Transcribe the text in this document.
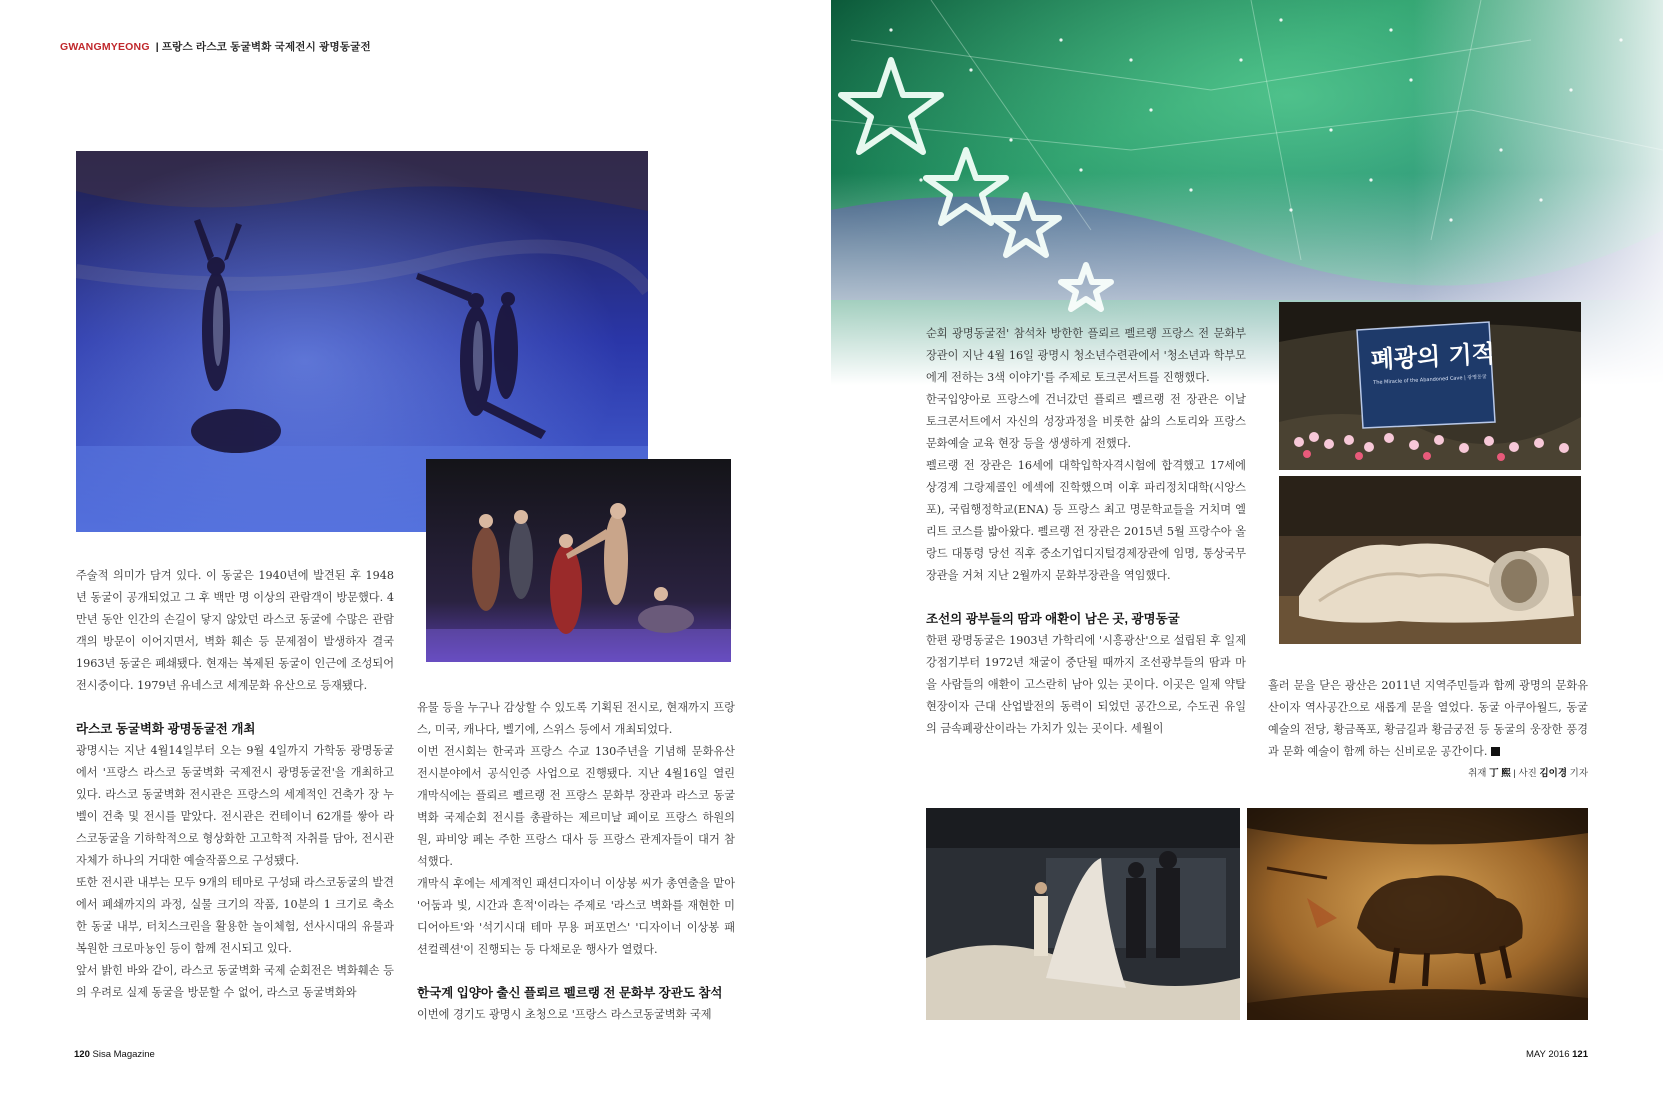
GWANGMYEONG | 프랑스 라스코 동굴벽화 국제전시 광명동굴전
폐광의 기적
The Miracle of the Abandoned Cave | 광명동굴

주술적 의미가 담겨 있다. 이 동굴은 1940년에 발견된 후 1948년 동굴이 공개되었고 그 후 백만 명 이상의 관람객이 방문했다. 4만년 동안 인간의 손길이 닿지 않았던 라스코 동굴에 수많은 관람객의 방문이 이어지면서, 벽화 훼손 등 문제점이 발생하자 결국 1963년 동굴은 폐쇄됐다. 현재는 복제된 동굴이 인근에 조성되어 전시중이다. 1979년 유네스코 세계문화 유산으로 등재됐다.

라스코 동굴벽화 광명동굴전 개최

광명시는 지난 4월14일부터 오는 9월 4일까지 가학동 광명동굴에서 '프랑스 라스코 동굴벽화 국제전시 광명동굴전'을 개최하고 있다. 라스코 동굴벽화 전시관은 프랑스의 세계적인 건축가 장 누벨이 건축 및 전시를 맡았다. 전시관은 컨테이너 62개를 쌓아 라스코동굴을 기하학적으로 형상화한 고고학적 자취를 담아, 전시관 자체가 하나의 거대한 예술작품으로 구성됐다.

또한 전시관 내부는 모두 9개의 테마로 구성돼 라스코동굴의 발견에서 폐쇄까지의 과정, 실물 크기의 작품, 10분의 1 크기로 축소한 동굴 내부, 터치스크린을 활용한 놀이체험, 선사시대의 유물과 복원한 크로마뇽인 등이 함께 전시되고 있다.

앞서 밝힌 바와 같이, 라스코 동굴벽화 국제 순회전은 벽화훼손 등의 우려로 실제 동굴을 방문할 수 없어, 라스코 동굴벽화와

유물 등을 누구나 감상할 수 있도록 기획된 전시로, 현재까지 프랑스, 미국, 캐나다, 벨기에, 스위스 등에서 개최되었다.

이번 전시회는 한국과 프랑스 수교 130주년을 기념해 문화유산 전시분야에서 공식인증 사업으로 진행됐다. 지난 4월16일 열린 개막식에는 플뢰르 펠르랭 전 프랑스 문화부 장관과 라스코 동굴벽화 국제순회 전시를 총괄하는 제르미날 페이로 프랑스 하원의원, 파비앙 페논 주한 프랑스 대사 등 프랑스 관계자들이 대거 참석했다.

개막식 후에는 세계적인 패션디자이너 이상봉 씨가 총연출을 맡아 '어둠과 빛, 시간과 흔적'이라는 주제로 '라스코 벽화를 재현한 미디어아트'와 '석기시대 테마 무용 퍼포먼스' '디자이너 이상봉 패션컬렉션'이 진행되는 등 다채로운 행사가 열렸다.

한국계 입양아 출신 플뢰르 펠르랭 전 문화부 장관도 참석

이번에 경기도 광명시 초청으로 '프랑스 라스코동굴벽화 국제

순회 광명동굴전' 참석차 방한한 플뢰르 펠르랭 프랑스 전 문화부 장관이 지난 4월 16일 광명시 청소년수련관에서 '청소년과 학부모에게 전하는 3색 이야기'를 주제로 토크콘서트를 진행했다.

한국입양아로 프랑스에 건너갔던 플뢰르 펠르랭 전 장관은 이날 토크콘서트에서 자신의 성장과정을 비롯한 삶의 스토리와 프랑스 문화예술 교육 현장 등을 생생하게 전했다.

펠르랭 전 장관은 16세에 대학입학자격시험에 합격했고 17세에 상경계 그랑제콜인 에섹에 진학했으며 이후 파리정치대학(시앙스포), 국립행정학교(ENA) 등 프랑스 최고 명문학교들을 거치며 엘리트 코스를 밟아왔다. 펠르랭 전 장관은 2015년 5월 프랑수아 올랑드 대통령 당선 직후 중소기업디지털경제장관에 임명, 통상국무장관을 거쳐 지난 2월까지 문화부장관을 역임했다.

조선의 광부들의 땀과 애환이 남은 곳, 광명동굴

한편 광명동굴은 1903년 가학리에 '시흥광산'으로 설립된 후 일제강점기부터 1972년 채굴이 중단될 때까지 조선광부들의 땀과 마을 사람들의 애환이 고스란히 남아 있는 곳이다. 이곳은 일제 약탈 현장이자 근대 산업발전의 동력이 되었던 공간으로, 수도권 유일의 금속폐광산이라는 가치가 있는 곳이다. 세월이

흘러 문을 닫은 광산은 2011년 지역주민들과 함께 광명의 문화유산이자 역사공간으로 새롭게 문을 열었다. 동굴 아쿠아월드, 동굴 예술의 전당, 황금폭포, 황금길과 황금궁전 등 동굴의 웅장한 풍경과 문화 예술이 함께 하는 신비로운 공간이다.

취재 丁 熙 | 사진 김이경 기자
120 Sisa Magazine	MAY 2016 121
